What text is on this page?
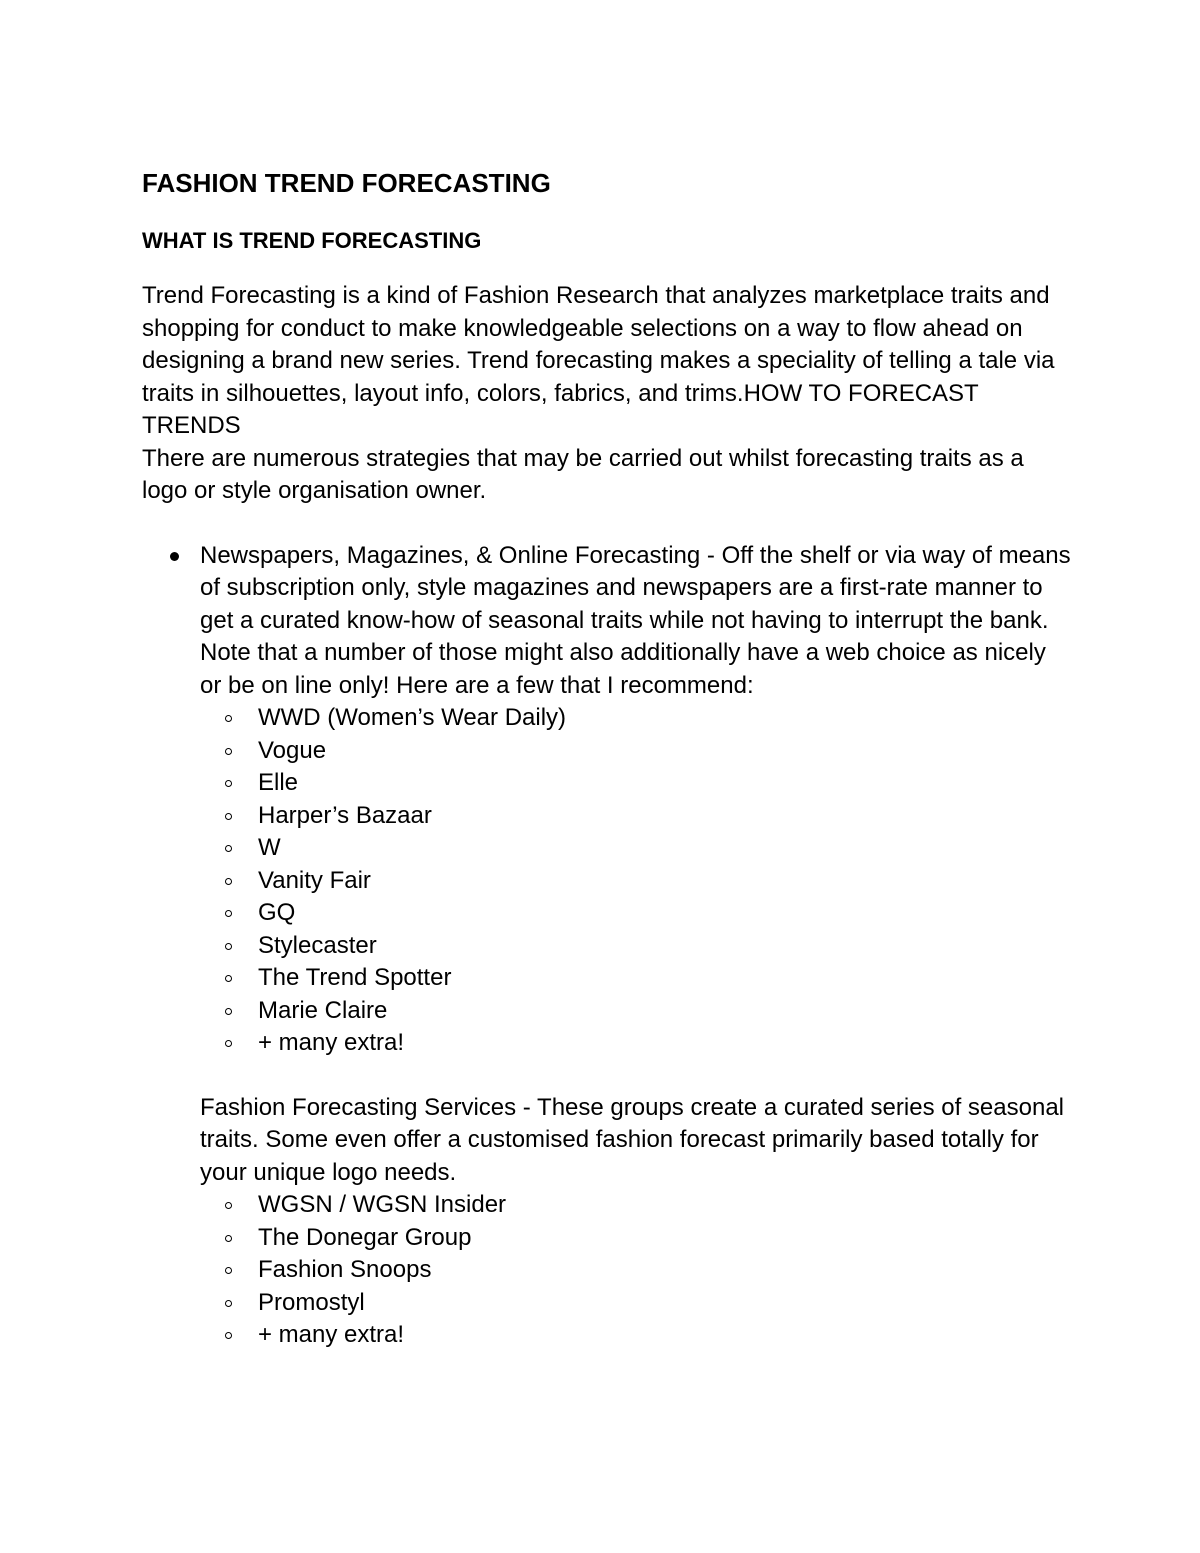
FASHION TREND FORECASTING
WHAT IS TREND FORECASTING

Trend Forecasting is a kind of Fashion Research that analyzes marketplace traits and shopping for conduct to make knowledgeable selections on a way to flow ahead on designing a brand new series. Trend forecasting makes a speciality of telling a tale via traits in silhouettes, layout info, colors, fabrics, and trims.HOW TO FORECAST TRENDS
There are numerous strategies that may be carried out whilst forecasting traits as a logo or style organisation owner.

Newspapers, Magazines, & Online Forecasting - Off the shelf or via way of means of subscription only, style magazines and newspapers are a first-rate manner to get a curated know-how of seasonal traits while not having to interrupt the bank. Note that a number of those might also additionally have a web choice as nicely or be on line only! Here are a few that I recommend:
WWD (Women’s Wear Daily)
Vogue
Elle
Harper’s Bazaar
W
Vanity Fair
GQ
Stylecaster
The Trend Spotter
Marie Claire
+ many extra!
Fashion Forecasting Services - These groups create a curated series of seasonal traits. Some even offer a customised fashion forecast primarily based totally for your unique logo needs.
WGSN / WGSN Insider
The Donegar Group
Fashion Snoops
Promostyl
+ many extra!
